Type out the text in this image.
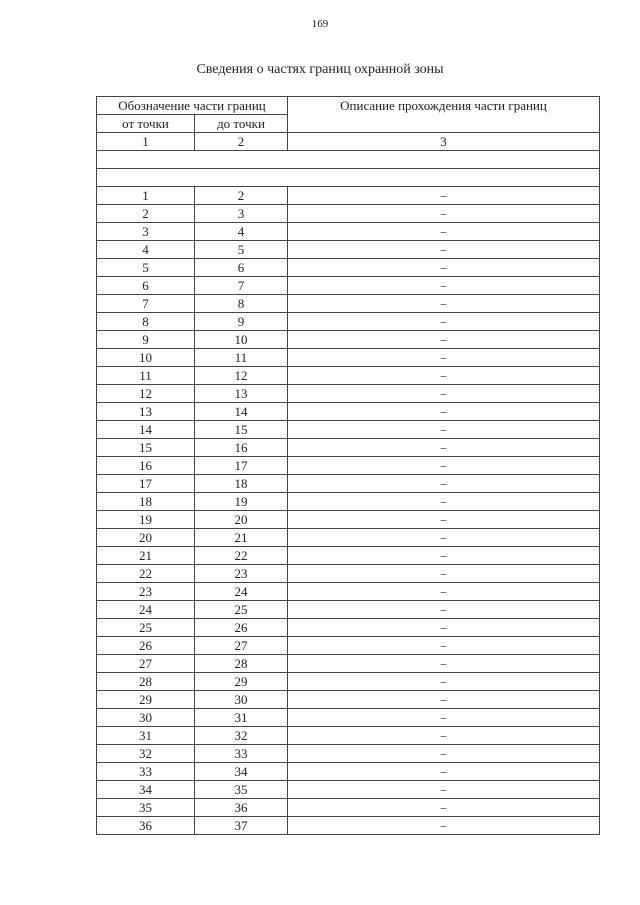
169
Сведения о частях границ охранной зоны
Обозначение части границ		Описание прохождения части границ
от точки	до точки	
1	2	3

1	2	–
2	3	–
3	4	–
4	5	–
5	6	–
6	7	–
7	8	–
8	9	–
9	10	–
10	11	–
11	12	–
12	13	–
13	14	–
14	15	–
15	16	–
16	17	–
17	18	–
18	19	–
19	20	–
20	21	–
21	22	–
22	23	–
23	24	–
24	25	–
25	26	–
26	27	–
27	28	–
28	29	–
29	30	–
30	31	–
31	32	–
32	33	–
33	34	–
34	35	–
35	36	–
36	37	–
